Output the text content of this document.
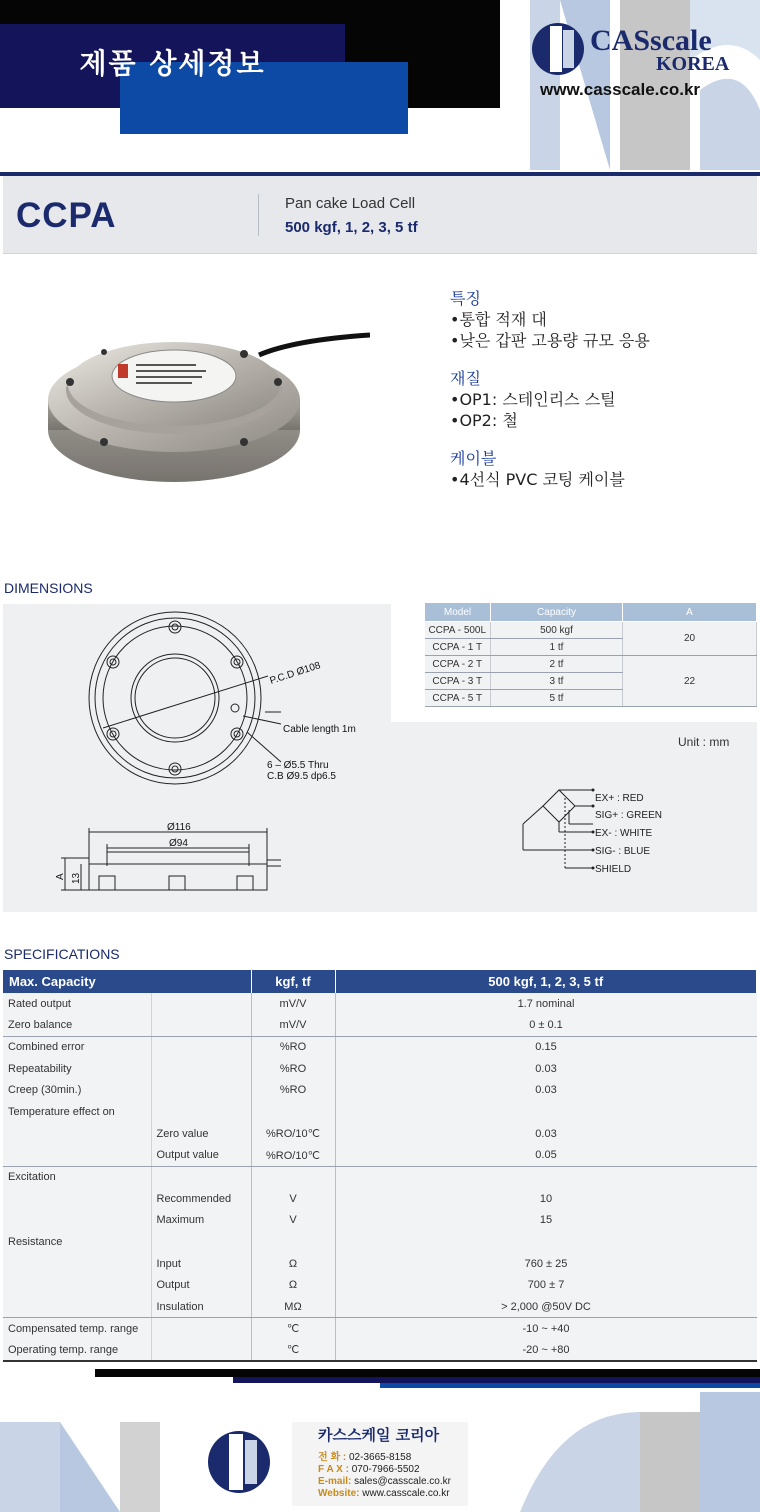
제품 상세정보
CASscale
KOREA
www.casscale.co.kr
CCPA	Pan cake Load Cell
500 kgf, 1, 2, 3, 5 tf
특징
•통합 적재 대
•낮은 갑판 고용량 규모 응용
재질
•OP1: 스테인리스 스틸
•OP2: 철
케이블
•4선식 PVC 코팅 케이블
DIMENSIONS
P.C.D Ø108
Cable length 1m
6 – Ø5.5 Thru
C.B Ø9.5 dp6.5
Ø116
Ø94
A 13
Model	Capacity	A
CCPA - 500L	500 kgf	20
CCPA - 1 T	1 tf	
CCPA - 2 T	2 tf	22
CCPA - 3 T	3 tf	
CCPA - 5 T	5 tf	
Unit : mm
EX+ : RED
SIG+ : GREEN
EX- : WHITE
SIG- : BLUE
SHIELD
SPECIFICATIONS
Max. Capacity		kgf, tf	500 kgf, 1, 2, 3, 5 tf
Rated output		mV/V	1.7 nominal
Zero balance		mV/V	0 ± 0.1
Combined error		%RO	0.15
Repeatability		%RO	0.03
Creep (30min.)		%RO	0.03
Temperature effect on			
	Zero value	%RO/10℃	0.03
	Output value	%RO/10℃	0.05
Excitation			
	Recommended	V	10
	Maximum	V	15
Resistance			
	Input	Ω	760 ± 25
	Output	Ω	700 ± 7
	Insulation	MΩ	> 2,000 @50V DC
Compensated temp. range		℃	-10 ~ +40
Operating temp. range		℃	-20 ~ +80
카스스케일 코리아
전 화 : 02-3665-8158
F A X : 070-7966-5502
E-mail: sales@casscale.co.kr
Website: www.casscale.co.kr
